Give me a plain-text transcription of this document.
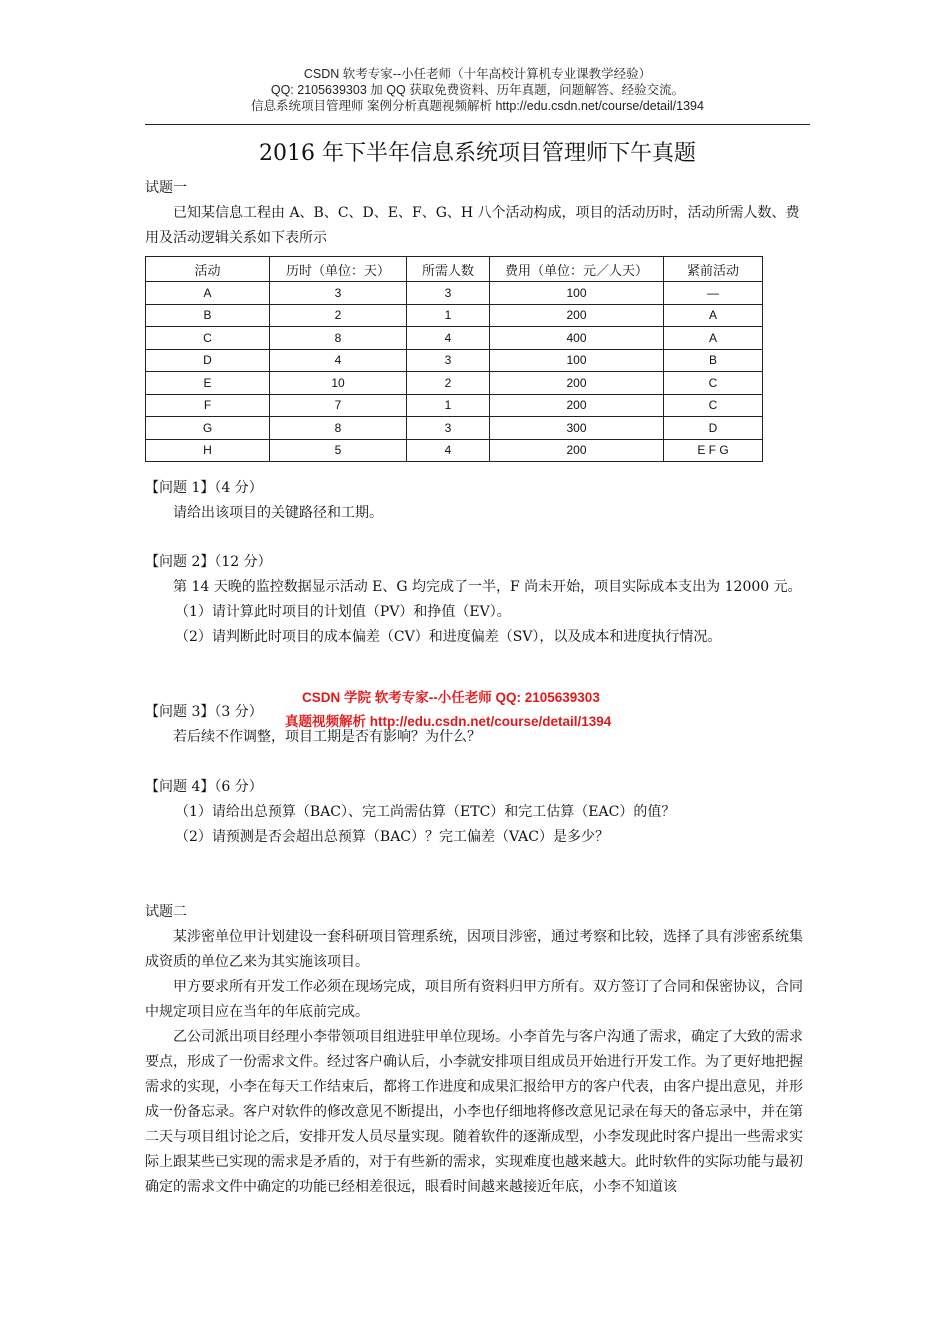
CSDN 软考专家--小任老师（十年高校计算机专业课教学经验）
QQ: 2105639303 加 QQ 获取免费资料、历年真题，问题解答、经验交流。
信息系统项目管理师 案例分析真题视频解析 http://edu.csdn.net/course/detail/1394
2016 年下半年信息系统项目管理师下午真题

试题一

已知某信息工程由 A、B、C、D、E、F、G、H 八个活动构成，项目的活动历时，活动所需人数、费用及活动逻辑关系如下表所示

活动	历时（单位：天）	所需人数	费用（单位：元／人天）	紧前活动
A	3	3	100	—
B	2	1	200	A
C	8	4	400	A
D	4	3	100	B
E	10	2	200	C
F	7	1	200	C
G	8	3	300	D
H	5	4	200	E F G

【问题 1】（4 分）

请给出该项目的关键路径和工期。

【问题 2】（12 分）

第 14 天晚的监控数据显示活动 E、G 均完成了一半，F 尚未开始，项目实际成本支出为 12000 元。

（1）请计算此时项目的计划值（PV）和挣值（EV）。

（2）请判断此时项目的成本偏差（CV）和进度偏差（SV），以及成本和进度执行情况。

CSDN 学院 软考专家--小任老师 QQ: 2105639303
真题视频解析 http://edu.csdn.net/course/detail/1394

【问题 3】（3 分）

若后续不作调整，项目工期是否有影响？为什么？

【问题 4】（6 分）

（1）请给出总预算（BAC）、完工尚需估算（ETC）和完工估算（EAC）的值？

（2）请预测是否会超出总预算（BAC）？完工偏差（VAC）是多少？

试题二

某涉密单位甲计划建设一套科研项目管理系统，因项目涉密，通过考察和比较，选择了具有涉密系统集成资质的单位乙来为其实施该项目。

甲方要求所有开发工作必须在现场完成，项目所有资料归甲方所有。双方签订了合同和保密协议，合同中规定项目应在当年的年底前完成。

乙公司派出项目经理小李带领项目组进驻甲单位现场。小李首先与客户沟通了需求，确定了大致的需求要点，形成了一份需求文件。经过客户确认后，小李就安排项目组成员开始进行开发工作。为了更好地把握需求的实现，小李在每天工作结束后，都将工作进度和成果汇报给甲方的客户代表，由客户提出意见，并形成一份备忘录。客户对软件的修改意见不断提出，小李也仔细地将修改意见记录在每天的备忘录中，并在第二天与项目组讨论之后，安排开发人员尽量实现。随着软件的逐渐成型，小李发现此时客户提出一些需求实际上跟某些已实现的需求是矛盾的，对于有些新的需求，实现难度也越来越大。此时软件的实际功能与最初确定的需求文件中确定的功能已经相差很远，眼看时间越来越接近年底，小李不知道该
